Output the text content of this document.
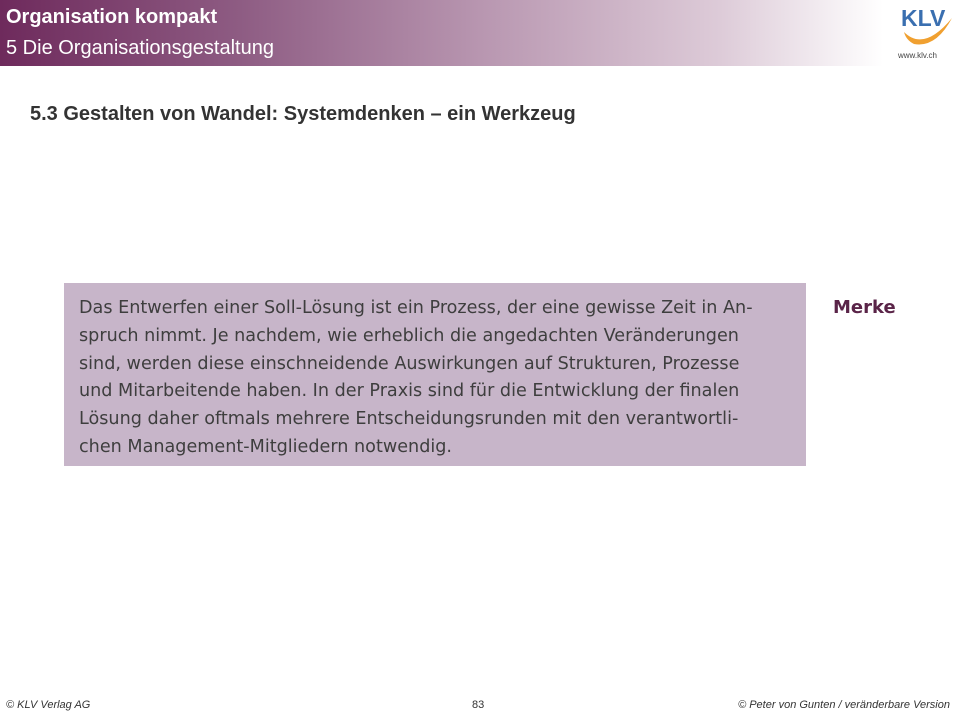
Organisation kompakt
5 Die Organisationsgestaltung
KLV
www.klv.ch
5.3 Gestalten von Wandel: Systemdenken – ein Werkzeug
Das Entwerfen einer Soll-Lösung ist ein Prozess, der eine gewisse Zeit in An-
spruch nimmt. Je nachdem, wie erheblich die angedachten Veränderungen
sind, werden diese einschneidende Auswirkungen auf Strukturen, Prozesse
und Mitarbeitende haben. In der Praxis sind für die Entwicklung der finalen
Lösung daher oftmals mehrere Entscheidungsrunden mit den verantwortli-
chen Management-Mitgliedern notwendig.
Merke
© KLV Verlag AG	83	© Peter von Gunten / veränderbare Version
